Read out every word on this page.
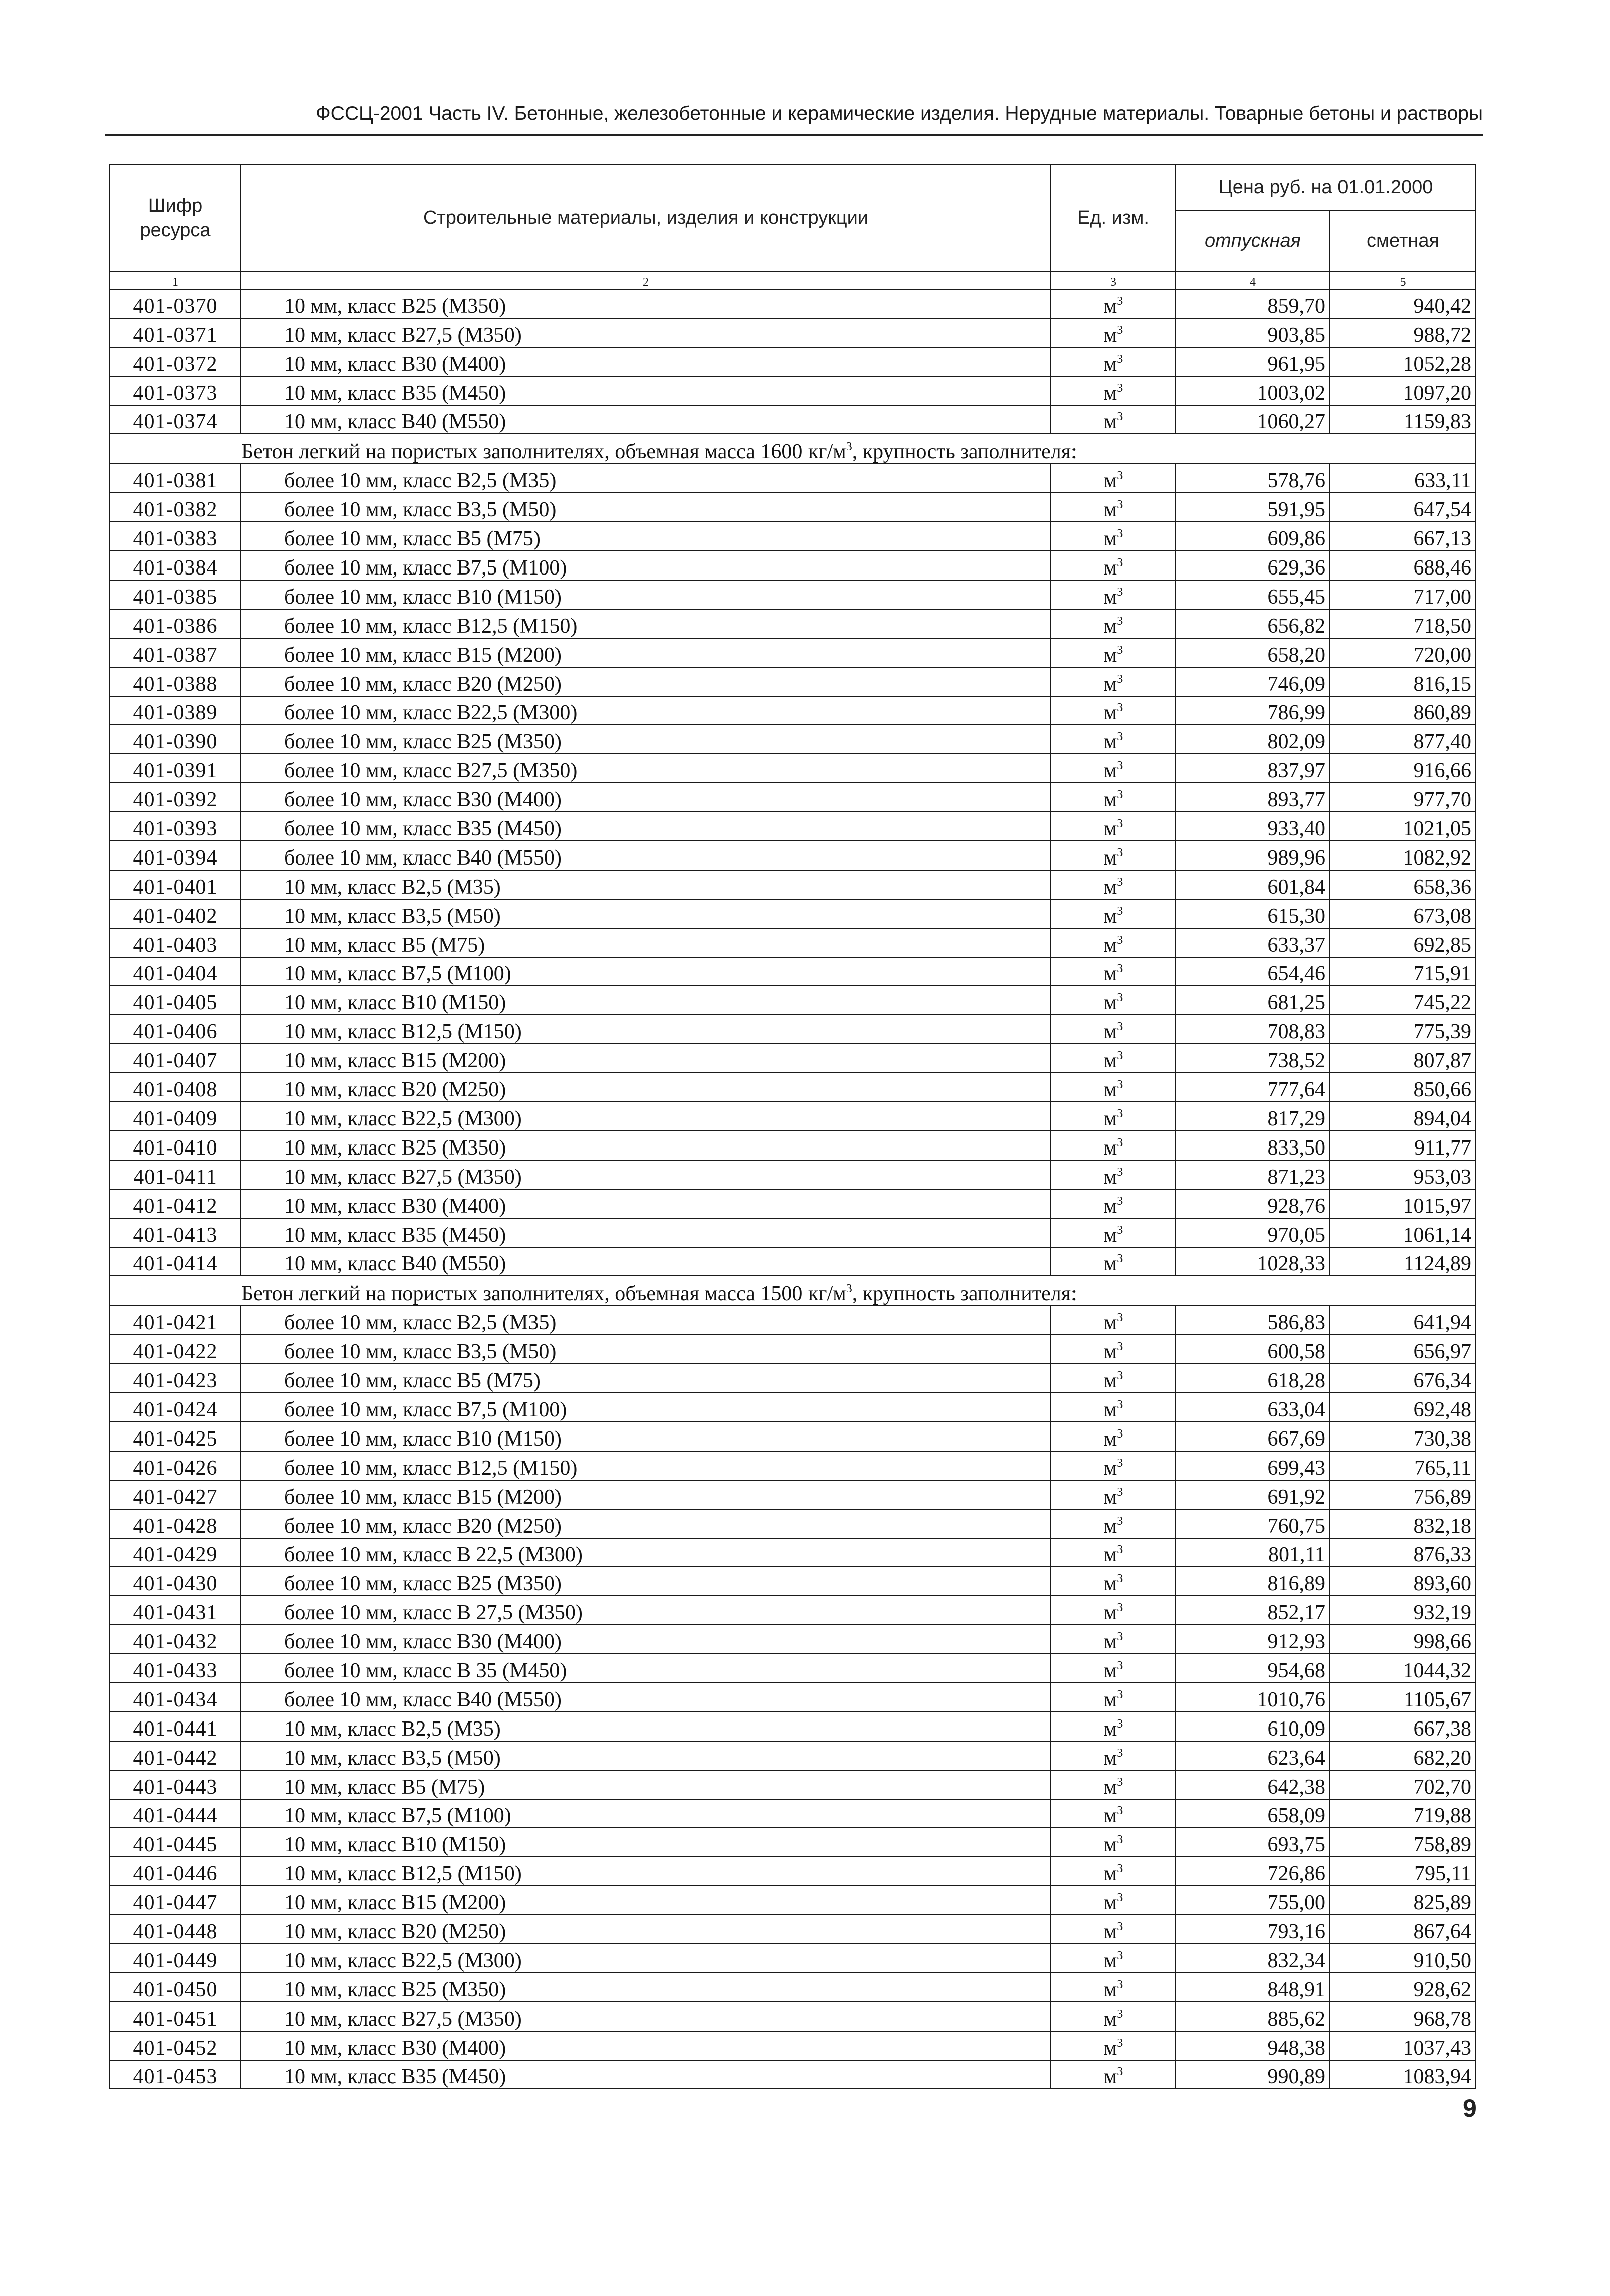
ФССЦ-2001 Часть IV. Бетонные, железобетонные и керамические изделия. Нерудные материалы. Товарные бетоны и растворы
Шифр ресурса	Строительные материалы, изделия и конструкции	Ед. изм.	Цена руб. на 01.01.2000	
			отпускная	сметная
1	2	3	4	5
401-0370	10 мм, класс В25 (М350)	$м^3$	859,70	940,42
401-0371	10 мм, класс В27,5 (М350)	$м^3$	903,85	988,72
401-0372	10 мм, класс В30 (М400)	$м^3$	961,95	1052,28
401-0373	10 мм, класс В35 (М450)	$м^3$	1003,02	1097,20
401-0374	10 мм, класс В40 (М550)	$м^3$	1060,27	1159,83
Бетон легкий на пористых заполнителях, объемная масса 1600 $кг/м^3$, крупность заполнителя:				
401-0381	более 10 мм, класс В2,5 (М35)	$м^3$	578,76	633,11
401-0382	более 10 мм, класс В3,5 (М50)	$м^3$	591,95	647,54
401-0383	более 10 мм, класс В5 (М75)	$м^3$	609,86	667,13
401-0384	более 10 мм, класс В7,5 (М100)	$м^3$	629,36	688,46
401-0385	более 10 мм, класс В10 (М150)	$м^3$	655,45	717,00
401-0386	более 10 мм, класс В12,5 (М150)	$м^3$	656,82	718,50
401-0387	более 10 мм, класс В15 (М200)	$м^3$	658,20	720,00
401-0388	более 10 мм, класс В20 (М250)	$м^3$	746,09	816,15
401-0389	более 10 мм, класс В22,5 (М300)	$м^3$	786,99	860,89
401-0390	более 10 мм, класс В25 (М350)	$м^3$	802,09	877,40
401-0391	более 10 мм, класс В27,5 (М350)	$м^3$	837,97	916,66
401-0392	более 10 мм, класс В30 (М400)	$м^3$	893,77	977,70
401-0393	более 10 мм, класс В35 (М450)	$м^3$	933,40	1021,05
401-0394	более 10 мм, класс В40 (М550)	$м^3$	989,96	1082,92
401-0401	10 мм, класс В2,5 (М35)	$м^3$	601,84	658,36
401-0402	10 мм, класс В3,5 (М50)	$м^3$	615,30	673,08
401-0403	10 мм, класс В5 (М75)	$м^3$	633,37	692,85
401-0404	10 мм, класс В7,5 (М100)	$м^3$	654,46	715,91
401-0405	10 мм, класс В10 (М150)	$м^3$	681,25	745,22
401-0406	10 мм, класс В12,5 (М150)	$м^3$	708,83	775,39
401-0407	10 мм, класс В15 (М200)	$м^3$	738,52	807,87
401-0408	10 мм, класс В20 (М250)	$м^3$	777,64	850,66
401-0409	10 мм, класс В22,5 (М300)	$м^3$	817,29	894,04
401-0410	10 мм, класс В25 (М350)	$м^3$	833,50	911,77
401-0411	10 мм, класс В27,5 (М350)	$м^3$	871,23	953,03
401-0412	10 мм, класс В30 (М400)	$м^3$	928,76	1015,97
401-0413	10 мм, класс В35 (М450)	$м^3$	970,05	1061,14
401-0414	10 мм, класс В40 (М550)	$м^3$	1028,33	1124,89
Бетон легкий на пористых заполнителях, объемная масса 1500 $кг/м^3$, крупность заполнителя:				
401-0421	более 10 мм, класс В2,5 (М35)	$м^3$	586,83	641,94
401-0422	более 10 мм, класс В3,5 (М50)	$м^3$	600,58	656,97
401-0423	более 10 мм, класс В5 (М75)	$м^3$	618,28	676,34
401-0424	более 10 мм, класс В7,5 (М100)	$м^3$	633,04	692,48
401-0425	более 10 мм, класс В10 (М150)	$м^3$	667,69	730,38
401-0426	более 10 мм, класс В12,5 (М150)	$м^3$	699,43	765,11
401-0427	более 10 мм, класс В15 (М200)	$м^3$	691,92	756,89
401-0428	более 10 мм, класс В20 (М250)	$м^3$	760,75	832,18
401-0429	более 10 мм, класс В 22,5 (М300)	$м^3$	801,11	876,33
401-0430	более 10 мм, класс В25 (М350)	$м^3$	816,89	893,60
401-0431	более 10 мм, класс В 27,5 (М350)	$м^3$	852,17	932,19
401-0432	более 10 мм, класс В30 (М400)	$м^3$	912,93	998,66
401-0433	более 10 мм, класс В 35 (М450)	$м^3$	954,68	1044,32
401-0434	более 10 мм, класс В40 (М550)	$м^3$	1010,76	1105,67
401-0441	10 мм, класс В2,5 (М35)	$м^3$	610,09	667,38
401-0442	10 мм, класс В3,5 (М50)	$м^3$	623,64	682,20
401-0443	10 мм, класс В5 (М75)	$м^3$	642,38	702,70
401-0444	10 мм, класс В7,5 (М100)	$м^3$	658,09	719,88
401-0445	10 мм, класс В10 (М150)	$м^3$	693,75	758,89
401-0446	10 мм, класс В12,5 (М150)	$м^3$	726,86	795,11
401-0447	10 мм, класс В15 (М200)	$м^3$	755,00	825,89
401-0448	10 мм, класс В20 (М250)	$м^3$	793,16	867,64
401-0449	10 мм, класс В22,5 (М300)	$м^3$	832,34	910,50
401-0450	10 мм, класс В25 (М350)	$м^3$	848,91	928,62
401-0451	10 мм, класс В27,5 (М350)	$м^3$	885,62	968,78
401-0452	10 мм, класс В30 (М400)	$м^3$	948,38	1037,43
401-0453	10 мм, класс В35 (М450)	$м^3$	990,89	1083,94
9
